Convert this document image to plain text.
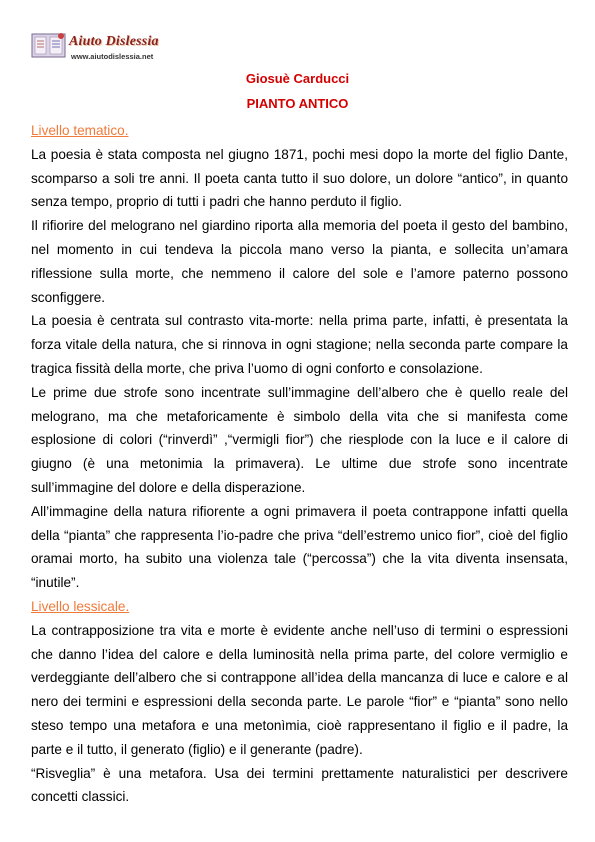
Aiuto Dislessia
www.aiutodislessia.net
Giosuè Carducci
PIANTO ANTICO
Livello tematico.

La poesia è stata composta nel giugno 1871, pochi mesi dopo la morte del figlio Dante, scomparso a soli tre anni. Il poeta canta tutto il suo dolore, un dolore “antico”, in quanto senza tempo, proprio di tutti i padri che hanno perduto il figlio.

Il rifiorire del melograno nel giardino riporta alla memoria del poeta il gesto del bambino, nel momento in cui tendeva la piccola mano verso la pianta, e sollecita un’amara riflessione sulla morte, che nemmeno il calore del sole e l’amore paterno possono sconfiggere.

La poesia è centrata sul contrasto vita-morte: nella prima parte, infatti, è presentata la forza vitale della natura, che si rinnova in ogni stagione; nella seconda parte compare la tragica fissità della morte, che priva l’uomo di ogni conforto e consolazione.

Le prime due strofe sono incentrate sull’immagine dell’albero che è quello reale del melograno, ma che metaforicamente è simbolo della vita che si manifesta come esplosione di colori (“rinverdì” ,“vermigli fior”) che riesplode con la luce e il calore di giugno (è una metonimia la primavera). Le ultime due strofe sono incentrate sull’immagine del dolore e della disperazione.

All’immagine della natura rifiorente a ogni primavera il poeta contrappone infatti quella della “pianta” che rappresenta l’io-padre che priva “dell’estremo unico fior”, cioè del figlio oramai morto, ha subito una violenza tale (“percossa”) che la vita diventa insensata, “inutile”.

Livello lessicale.

La contrapposizione tra vita e morte è evidente anche nell’uso di termini o espressioni che danno l’idea del calore e della luminosità nella prima parte, del colore vermiglio e verdeggiante dell’albero che si contrappone all’idea della mancanza di luce e calore e al nero dei termini e espressioni della seconda parte. Le parole “fior” e “pianta” sono nello steso tempo una metafora e una metonìmia, cioè rappresentano il figlio e il padre, la parte e il tutto, il generato (figlio) e il generante (padre).

“Risveglia” è una metafora. Usa dei termini prettamente naturalistici per descrivere concetti classici.
